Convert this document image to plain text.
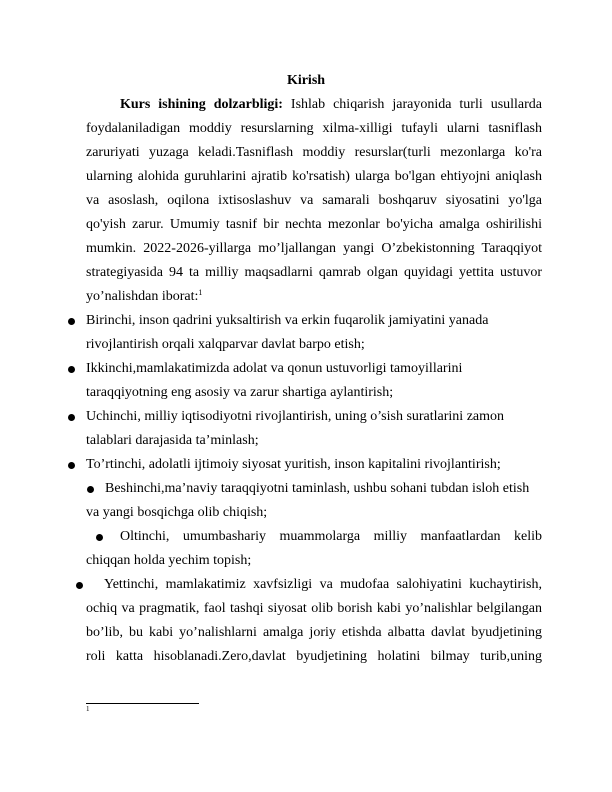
Kirish
Kurs ishining dolzarbligi: Ishlab chiqarish jarayonida turli usullarda
foydalaniladigan moddiy resurslarning xilma-xilligi tufayli ularni tasniflash
zaruriyati yuzaga keladi.Tasniflash moddiy resurslar(turli mezonlarga ko'ra
ularning alohida guruhlarini ajratib ko'rsatish) ularga bo'lgan ehtiyojni aniqlash
va asoslash, oqilona ixtisoslashuv va samarali boshqaruv siyosatini yo'lga
qo'yish zarur. Umumiy tasnif bir nechta mezonlar bo'yicha amalga oshirilishi
mumkin. 2022-2026-yillarga mo’ljallangan yangi O’zbekistonning Taraqqiyot
strategiyasida 94 ta milliy maqsadlarni qamrab olgan quyidagi yettita ustuvor
yo’nalishdan iborat:$^1$
Birinchi, inson qadrini yuksaltirish va erkin fuqarolik jamiyatini yanada
rivojlantirish orqali xalqparvar davlat barpo etish;
Ikkinchi,mamlakatimizda adolat va qonun ustuvorligi tamoyillarini
taraqqiyotning eng asosiy va zarur shartiga aylantirish;
Uchinchi, milliy iqtisodiyotni rivojlantirish, uning o’sish suratlarini zamon
talablari darajasida ta’minlash;
To’rtinchi, adolatli ijtimoiy siyosat yuritish, inson kapitalini rivojlantirish;
Beshinchi,ma’naviy taraqqiyotni taminlash, ushbu sohani tubdan isloh etish
va yangi bosqichga olib chiqish;
Oltinchi, umumbashariy muammolarga milliy manfaatlardan kelib
chiqqan holda yechim topish;
Yettinchi, mamlakatimiz xavfsizligi va mudofaa salohiyatini kuchaytirish,
ochiq va pragmatik, faol tashqi siyosat olib borish kabi yo’nalishlar belgilangan
bo’lib, bu kabi yo’nalishlarni amalga joriy etishda albatta davlat byudjetining
roli katta hisoblanadi.Zero,davlat byudjetining holatini bilmay turib,uning
1
